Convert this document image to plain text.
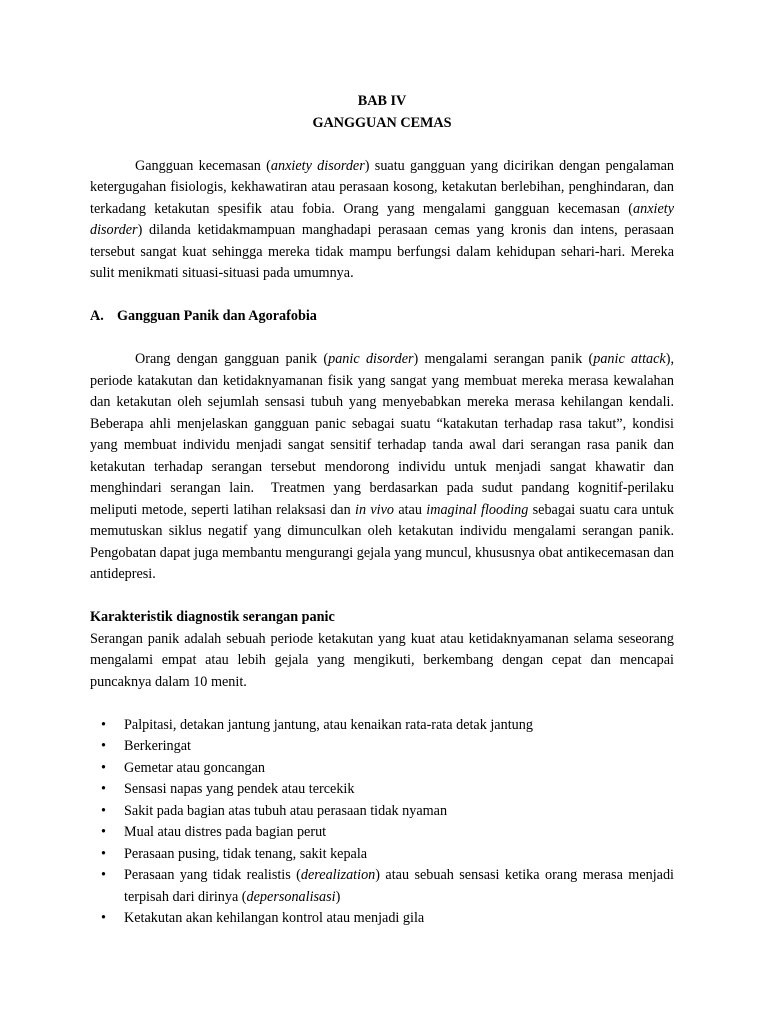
BAB IV

GANGGUAN CEMAS

Gangguan kecemasan (anxiety disorder) suatu gangguan yang dicirikan dengan pengalaman ketergugahan fisiologis, kekhawatiran atau perasaan kosong, ketakutan berlebihan, penghindaran, dan terkadang ketakutan spesifik atau fobia. Orang yang mengalami gangguan kecemasan (anxiety disorder) dilanda ketidakmampuan manghadapi perasaan cemas yang kronis dan intens, perasaan tersebut sangat kuat sehingga mereka tidak mampu berfungsi dalam kehidupan sehari-hari. Mereka sulit menikmati situasi-situasi pada umumnya.

A. Gangguan Panik dan Agorafobia

Orang dengan gangguan panik (panic disorder) mengalami serangan panik (panic attack), periode katakutan dan ketidaknyamanan fisik yang sangat yang membuat mereka merasa kewalahan dan ketakutan oleh sejumlah sensasi tubuh yang menyebabkan mereka merasa kehilangan kendali. Beberapa ahli menjelaskan gangguan panic sebagai suatu “katakutan terhadap rasa takut”, kondisi yang membuat individu menjadi sangat sensitif terhadap tanda awal dari serangan rasa panik dan ketakutan terhadap serangan tersebut mendorong individu untuk menjadi sangat khawatir dan menghindari serangan lain.  Treatmen yang berdasarkan pada sudut pandang kognitif-perilaku meliputi metode, seperti latihan relaksasi dan in vivo atau imaginal flooding sebagai suatu cara untuk memutuskan siklus negatif yang dimunculkan oleh ketakutan individu mengalami serangan panik. Pengobatan dapat juga membantu mengurangi gejala yang muncul, khususnya obat antikecemasan dan antidepresi.

Karakteristik diagnostik serangan panic

Serangan panik adalah sebuah periode ketakutan yang kuat atau ketidaknyamanan selama seseorang mengalami empat atau lebih gejala yang mengikuti, berkembang dengan cepat dan mencapai puncaknya dalam 10 menit.

• Palpitasi, detakan jantung jantung, atau kenaikan rata-rata detak jantung
• Berkeringat
• Gemetar atau goncangan
• Sensasi napas yang pendek atau tercekik
• Sakit pada bagian atas tubuh atau perasaan tidak nyaman
• Mual atau distres pada bagian perut
• Perasaan pusing, tidak tenang, sakit kepala
• Perasaan yang tidak realistis (derealization) atau sebuah sensasi ketika orang merasa menjadi terpisah dari dirinya (depersonalisasi)
• Ketakutan akan kehilangan kontrol atau menjadi gila
